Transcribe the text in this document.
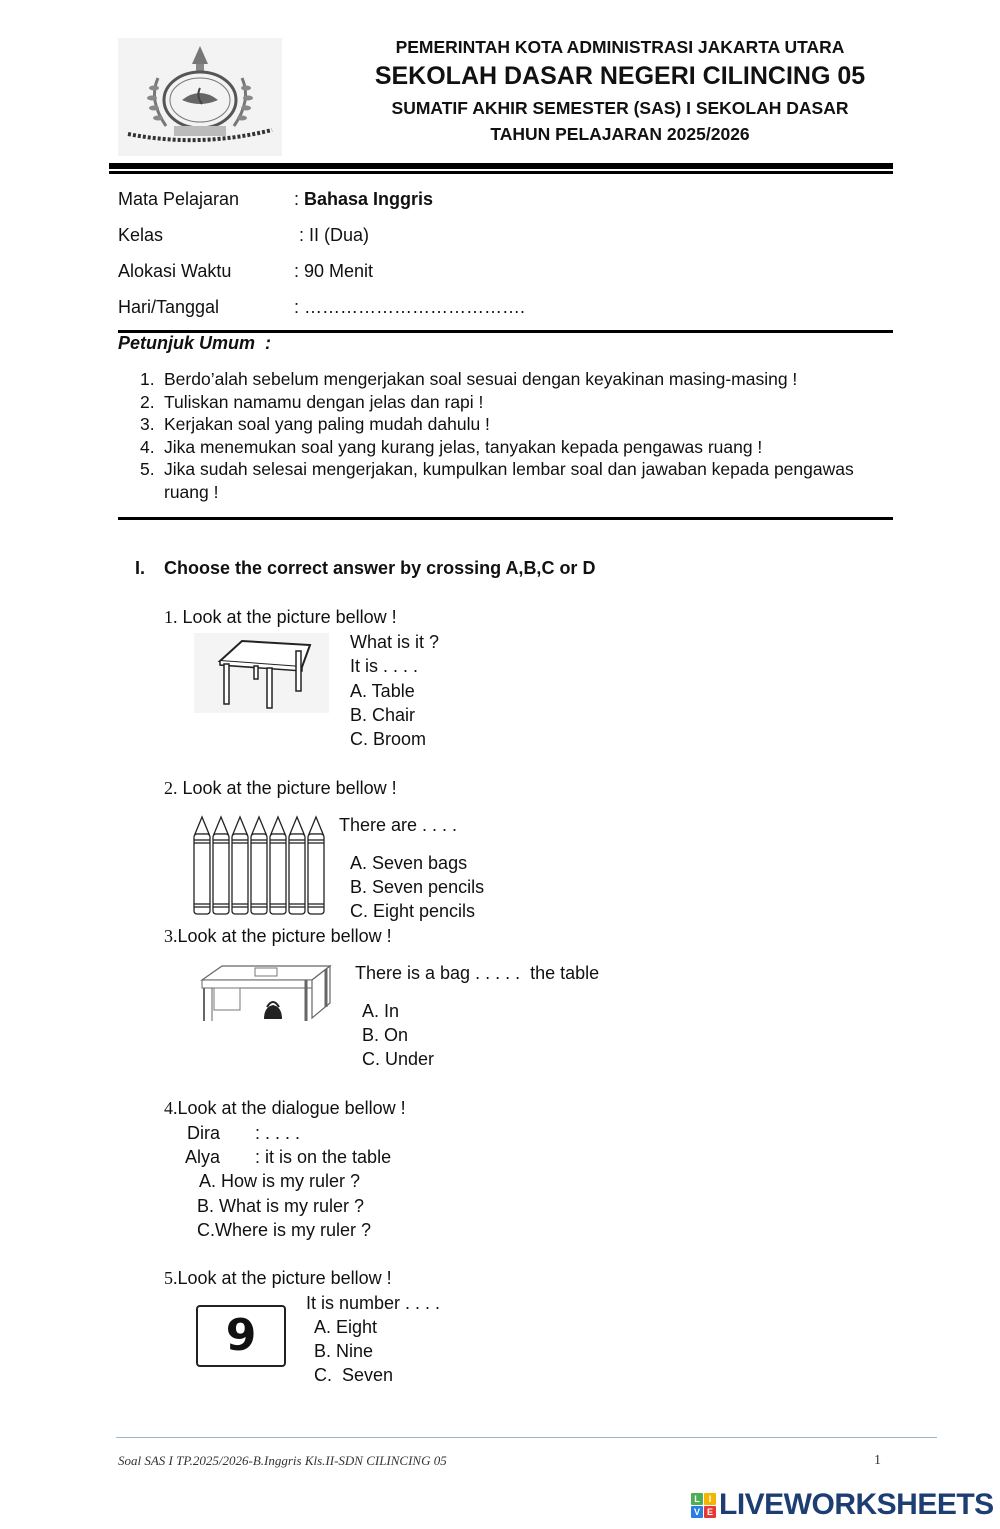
PEMERINTAH KOTA ADMINISTRASI JAKARTA UTARA
SEKOLAH DASAR NEGERI CILINCING 05
SUMATIF AKHIR SEMESTER (SAS) I SEKOLAH DASAR
TAHUN PELAJARAN 2025/2026
Mata Pelajaran	: Bahasa Inggris
Kelas	: II (Dua)
Alokasi Waktu	: 90 Menit
Hari/Tanggal	: ……………………………….
Petunjuk Umum  :
1. Berdo’alah sebelum mengerjakan soal sesuai dengan keyakinan masing-masing !
2. Tuliskan namamu dengan jelas dan rapi !
3. Kerjakan soal yang paling mudah dahulu !
4. Jika menemukan soal yang kurang jelas, tanyakan kepada pengawas ruang !
5. Jika sudah selesai mengerjakan, kumpulkan lembar soal dan jawaban kepada pengawas ruang !
I. Choose the correct answer by crossing A,B,C or D
1. Look at the picture bellow !
What is it ?
It is . . . .
A. Table
B. Chair
C. Broom
2. Look at the picture bellow !
There are . . . .
A. Seven bags
B. Seven pencils
C. Eight pencils
3.Look at the picture bellow !
There is a bag . . . . .  the table
A. In
B. On
C. Under
4.Look at the dialogue bellow !
Dira : . . . .
Alya : it is on the table
A. How is my ruler ?
B. What is my ruler ?
C.Where is my ruler ?
5.Look at the picture bellow !
9
It is number . . . .
A. Eight
B. Nine
C.  Seven
Soal SAS I TP.2025/2026-B.Inggris Kls.II-SDN CILINCING 05	1
L I
V E LIVEWORKSHEETS
